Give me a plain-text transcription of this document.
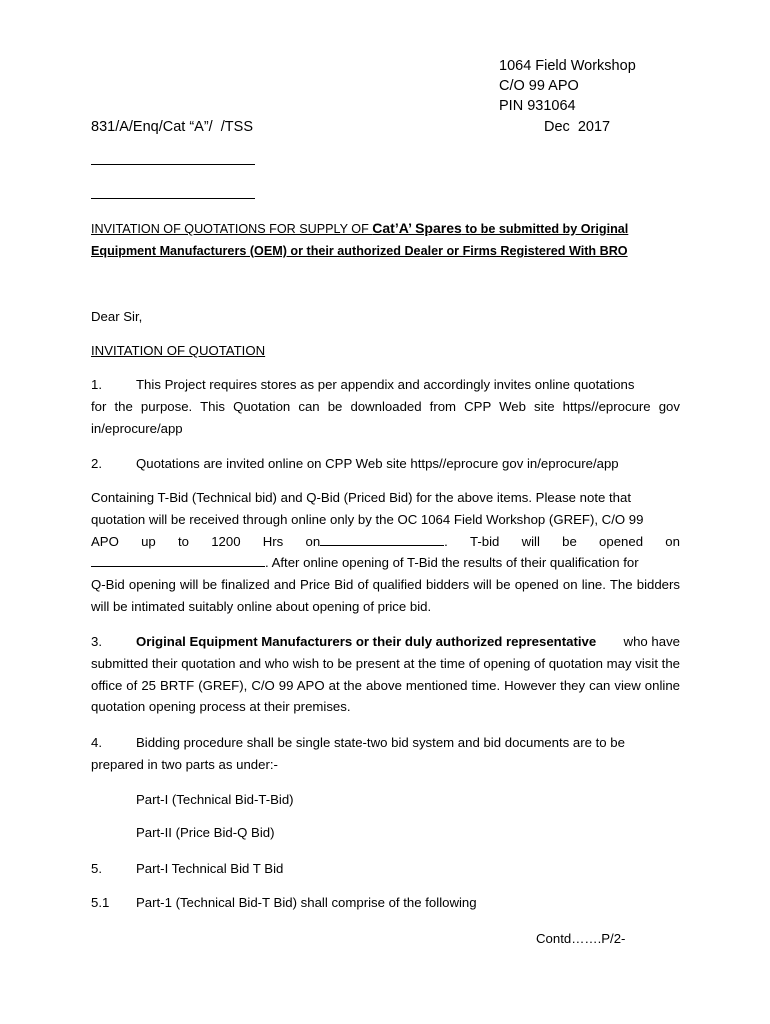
1064 Field Workshop
C/O 99 APO
PIN 931064
831/A/Enq/Cat “A”/  /TSS	Dec  2017
INVITATION OF QUOTATIONS FOR SUPPLY OF Cat’A’ Spares to be submitted by Original
Equipment Manufacturers (OEM) or their authorized Dealer or Firms Registered With BRO
Dear Sir,
INVITATION OF QUOTATION
1.	This Project requires stores as per appendix and accordingly invites online quotations
for the purpose. This Quotation can be downloaded from CPP Web site https//eprocure gov in/eprocure/app
2.	Quotations are invited online on CPP Web site https//eprocure gov in/eprocure/app
Containing T-Bid (Technical bid) and Q-Bid (Priced Bid) for the above items. Please note that
quotation will be received through online only by the OC 1064 Field Workshop (GREF), C/O 99
APO up to 1200 Hrs on	. T-bid will be opened on
. After online opening of T-Bid the results of their qualification for
Q-Bid opening will be finalized and Price Bid of qualified bidders will be opened on line. The bidders will be intimated suitably online about opening of price bid.
3.	Original Equipment Manufacturers or their duly authorized representative who have
submitted their quotation and who wish to be present at the time of opening of quotation may visit the office of 25 BRTF (GREF), C/O 99 APO at the above mentioned time. However they can view online quotation opening process at their premises.
4.	Bidding procedure shall be single state-two bid system and bid documents are to be
prepared in two parts as under:-
Part-I (Technical Bid-T-Bid)
Part-II (Price Bid-Q Bid)
5.	Part-I Technical Bid T Bid
5.1 Part-1 (Technical Bid-T Bid) shall comprise of the following
Contd…….P/2-
